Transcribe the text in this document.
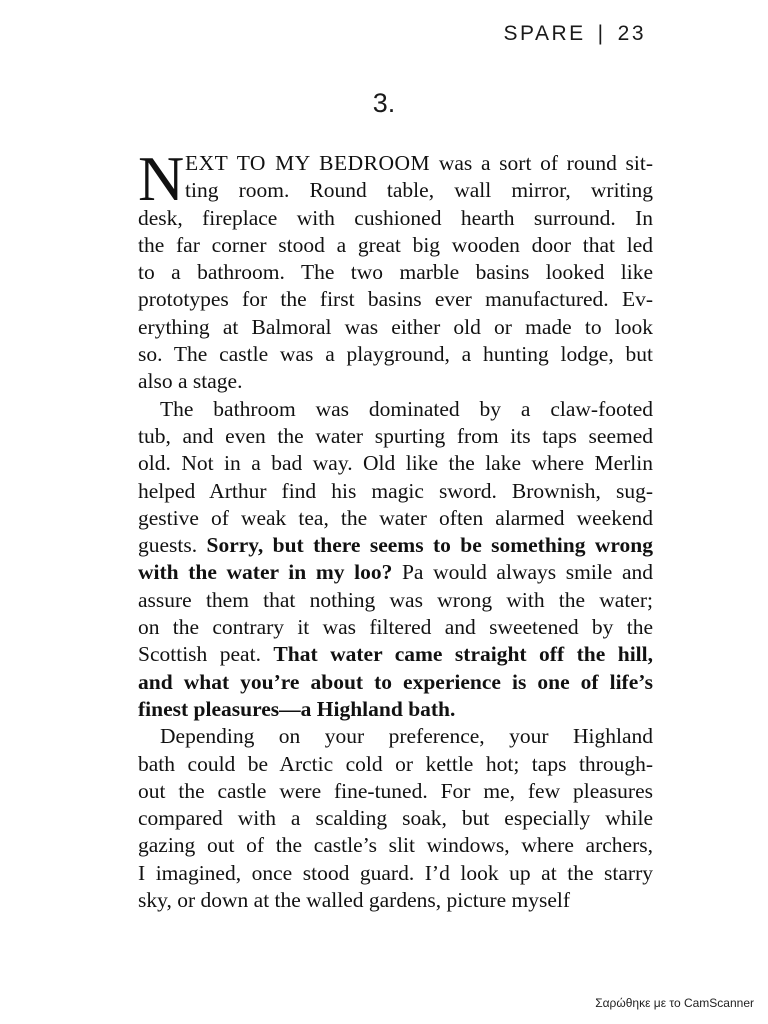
SPARE | 23
3.
N EXT TO MY BEDROOM was a sort of round sit-
ting room. Round table, wall mirror, writing
desk, fireplace with cushioned hearth surround. In
the far corner stood a great big wooden door that led
to a bathroom. The two marble basins looked like
prototypes for the first basins ever manufactured. Ev-
erything at Balmoral was either old or made to look
so. The castle was a playground, a hunting lodge, but
also a stage.
The bathroom was dominated by a claw-footed
tub, and even the water spurting from its taps seemed
old. Not in a bad way. Old like the lake where Merlin
helped Arthur find his magic sword. Brownish, sug-
gestive of weak tea, the water often alarmed weekend
guests. Sorry, but there seems to be something wrong
with the water in my loo? Pa would always smile and
assure them that nothing was wrong with the water;
on the contrary it was filtered and sweetened by the
Scottish peat. That water came straight off the hill,
and what you’re about to experience is one of life’s
finest pleasures—a Highland bath.
Depending on your preference, your Highland
bath could be Arctic cold or kettle hot; taps through-
out the castle were fine-tuned. For me, few pleasures
compared with a scalding soak, but especially while
gazing out of the castle’s slit windows, where archers,
I imagined, once stood guard. I’d look up at the starry
sky, or down at the walled gardens, picture myself
Σαρώθηκε με το CamScanner
